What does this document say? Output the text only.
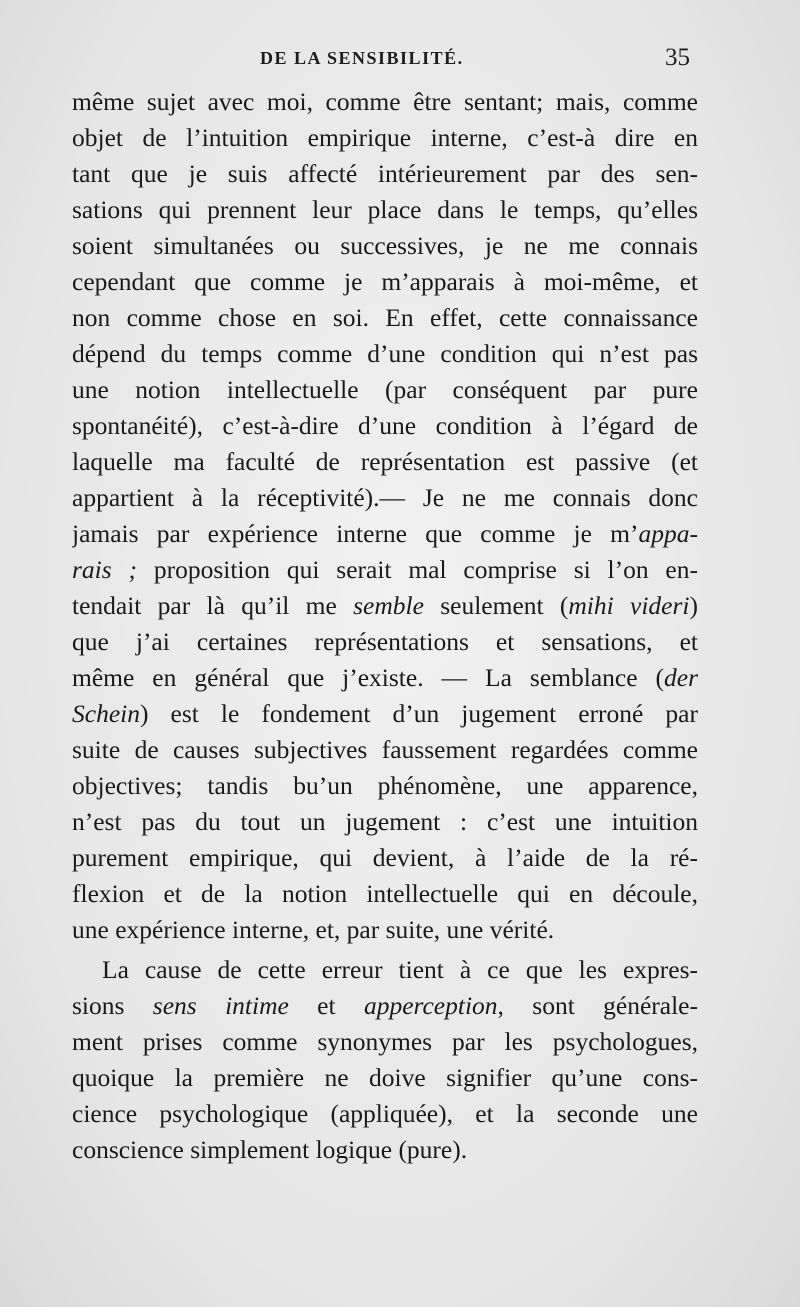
DE LA SENSIBILITÉ.	35
même sujet avec moi, comme être sentant; mais, comme
objet de l’intuition empirique interne, c’est-à dire en
tant que je suis affecté intérieurement par des sen-
sations qui prennent leur place dans le temps, qu’elles
soient simultanées ou successives, je ne me connais
cependant que comme je m’apparais à moi-même, et
non comme chose en soi. En effet, cette connaissance
dépend du temps comme d’une condition qui n’est pas
une notion intellectuelle (par conséquent par pure
spontanéité), c’est-à-dire d’une condition à l’égard de
laquelle ma faculté de représentation est passive (et
appartient à la réceptivité).— Je ne me connais donc
jamais par expérience interne que comme je m’appa-
rais ; proposition qui serait mal comprise si l’on en-
tendait par là qu’il me semble seulement (mihi videri)
que j’ai certaines représentations et sensations, et
même en général que j’existe. — La semblance (der
Schein) est le fondement d’un jugement erroné par
suite de causes subjectives faussement regardées comme
objectives; tandis bu’un phénomène, une apparence,
n’est pas du tout un jugement : c’est une intuition
purement empirique, qui devient, à l’aide de la ré-
flexion et de la notion intellectuelle qui en découle,
une expérience interne, et, par suite, une vérité.
La cause de cette erreur tient à ce que les expres-
sions sens intime et apperception, sont générale-
ment prises comme synonymes par les psychologues,
quoique la première ne doive signifier qu’une cons-
cience psychologique (appliquée), et la seconde une
conscience simplement logique (pure).
